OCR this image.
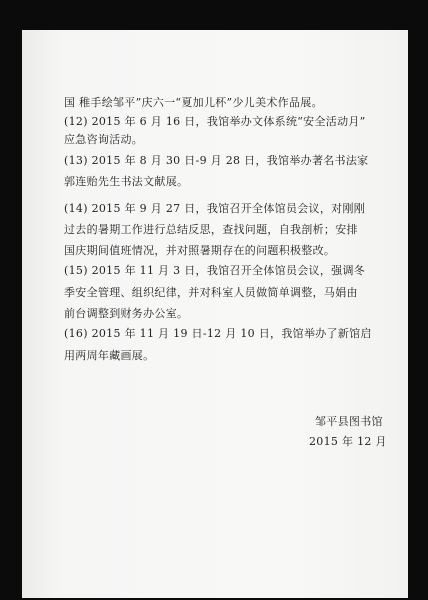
国 稚手绘邹平”庆六一“夏加儿杯”少儿美术作品展。
(12) 2015 年 6 月 16 日，我馆举办文体系统“安全活动月”
应急咨询活动。
(13) 2015 年 8 月 30 日-9 月 28 日，我馆举办著名书法家
郭连贻先生书法文献展。
(14) 2015 年 9 月 27 日，我馆召开全体馆员会议，对刚刚
过去的暑期工作进行总结反思，查找问题，自我剖析；安排
国庆期间值班情况，并对照暑期存在的问题积极整改。
(15) 2015 年 11 月 3 日，我馆召开全体馆员会议，强调冬
季安全管理、组织纪律，并对科室人员做简单调整，马娟由
前台调整到财务办公室。
(16) 2015 年 11 月 19 日-12 月 10 日，我馆举办了新馆启
用两周年藏画展。
邹平县图书馆
2015 年 12 月
